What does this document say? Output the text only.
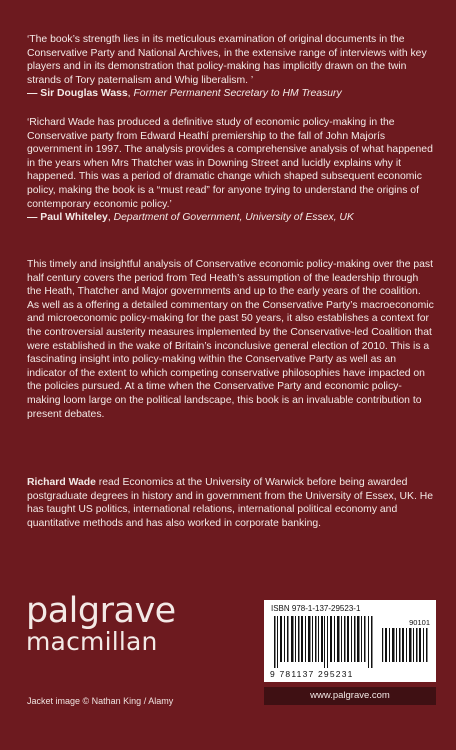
‘The book’s strength lies in its meticulous examination of original documents in the Conservative Party and National Archives, in the extensive range of interviews with key players and in its demonstration that policy-making has implicitly drawn on the twin strands of Tory paternalism and Whig liberalism. ’
— Sir Douglas Wass, Former Permanent Secretary to HM Treasury
‘Richard Wade has produced a definitive study of economic policy-making in the Conservative party from Edward Heathí premiership to the fall of John Majorís government in 1997. The analysis provides a comprehensive analysis of what happened in the years when Mrs Thatcher was in Downing Street and lucidly explains why it happened. This was a period of dramatic change which shaped subsequent economic policy, making the book is a “must read” for anyone trying to understand the origins of contemporary economic policy.’
— Paul Whiteley, Department of Government, University of Essex, UK
This timely and insightful analysis of Conservative economic policy-making over the past half century covers the period from Ted Heath’s assumption of the leadership through the Heath, Thatcher and Major governments and up to the early years of the coalition. As well as a offering a detailed commentary on the Conservative Party’s macroeconomic and microeconomic policy-making for the past 50 years, it also establishes a context for the controversial austerity measures implemented by the Conservative-led Coalition that were established in the wake of Britain’s inconclusive general election of 2010. This is a fascinating insight into policy-making within the Conservative Party as well as an indicator of the extent to which competing conservative philosophies have impacted on the policies pursued. At a time when the Conservative Party and economic policy-making loom large on the political landscape, this book is an invaluable contribution to present debates.
Richard Wade read Economics at the University of Warwick before being awarded postgraduate degrees in history and in government from the University of Essex, UK. He has taught US politics, international relations, international political economy and quantitative methods and has also worked in corporate banking.
palgrave
macmillan
ISBN 978-1-137-29523-1
90101
9 781137 295231
www.palgrave.com
Jacket image © Nathan King / Alamy
